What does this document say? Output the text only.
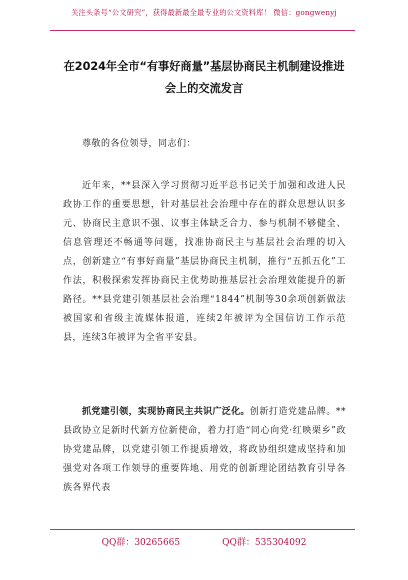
关注头条号“公文研究”，获得最新最全最专业的公文资料库！ 微信：gongwenyj
在2024年全市“有事好商量”基层协商民主机制建设推进
会上的交流发言
尊敬的各位领导，同志们：

近年来，**县深入学习贯彻习近平总书记关于加强和改进人民政协工作的重要思想，针对基层社会治理中存在的群众思想认识多元、协商民主意识不强、议事主体缺乏合力、参与机制不够健全、信息管理还不畅通等问题，找准协商民主与基层社会治理的切入点，创新建立“有事好商量”基层协商民主机制，推行“五抓五化”工作法，积极探索发挥协商民主优势助推基层社会治理效能提升的新路径。**县党建引领基层社会治理“1844”机制等30余项创新做法被国家和省级主流媒体报道，连续2年被评为全国信访工作示范县，连续3年被评为全省平安县。

抓党建引领，实现协商民主共识广泛化。创新打造党建品牌。**县政协立足新时代新方位新使命，着力打造“同心向党·红映栗乡”政协党建品牌，以党建引领工作提质增效，将政协组织建成坚持和加强党对各项工作领导的重要阵地、用党的创新理论团结教育引导各族各界代表

QQ群：30265665	QQ群：535304092
